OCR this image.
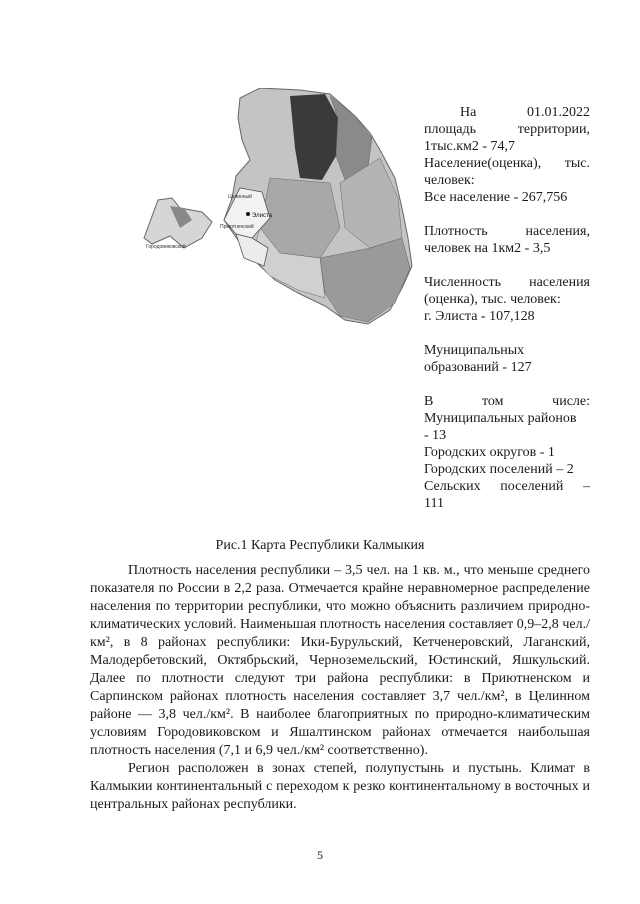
Целинный
Элиста
Приютненский
Городовиковский

На	01.01.2022

площадь территории,

1тыс.км2 - 74,7

Население(оценка), тыс.

человек:

Все население - 267,756

Плотность населения,

человек на 1км2 - 3,5

Численность населения

(оценка), тыс. человек:

г. Элиста - 107,128

Муниципальных

образований - 127

В том числе:

Муниципальных районов

- 13

Городских округов - 1

Городских поселений – 2

Сельских поселений –

111

Рис.1 Карта Республики Калмыкия

Плотность населения республики – 3,5 чел. на 1 кв. м., что меньше среднего показателя по России в 2,2 раза. Отмечается крайне неравномерное распределение населения по территории республики, что можно объяснить различием природно-климатических условий. Наименьшая плотность населения составляет 0,9–2,8 чел./км², в 8 районах республики: Ики-Бурульский, Кетченеровский, Лаганский, Малодербетовский, Октябрьский, Черноземельский, Юстинский, Яшкульский. Далее по плотности следуют три района республики: в Приютненском и Сарпинском районах плотность населения составляет 3,7 чел./км², в Целинном районе — 3,8 чел./км². В наиболее благоприятных по природно-климатическим условиям Городовиковском и Яшалтинском районах отмечается наибольшая плотность населения (7,1 и 6,9 чел./км² соответственно).

Регион расположен в зонах степей, полупустынь и пустынь. Климат в Калмыкии континентальный с переходом к резко континентальному в восточных и центральных районах республики.

5
